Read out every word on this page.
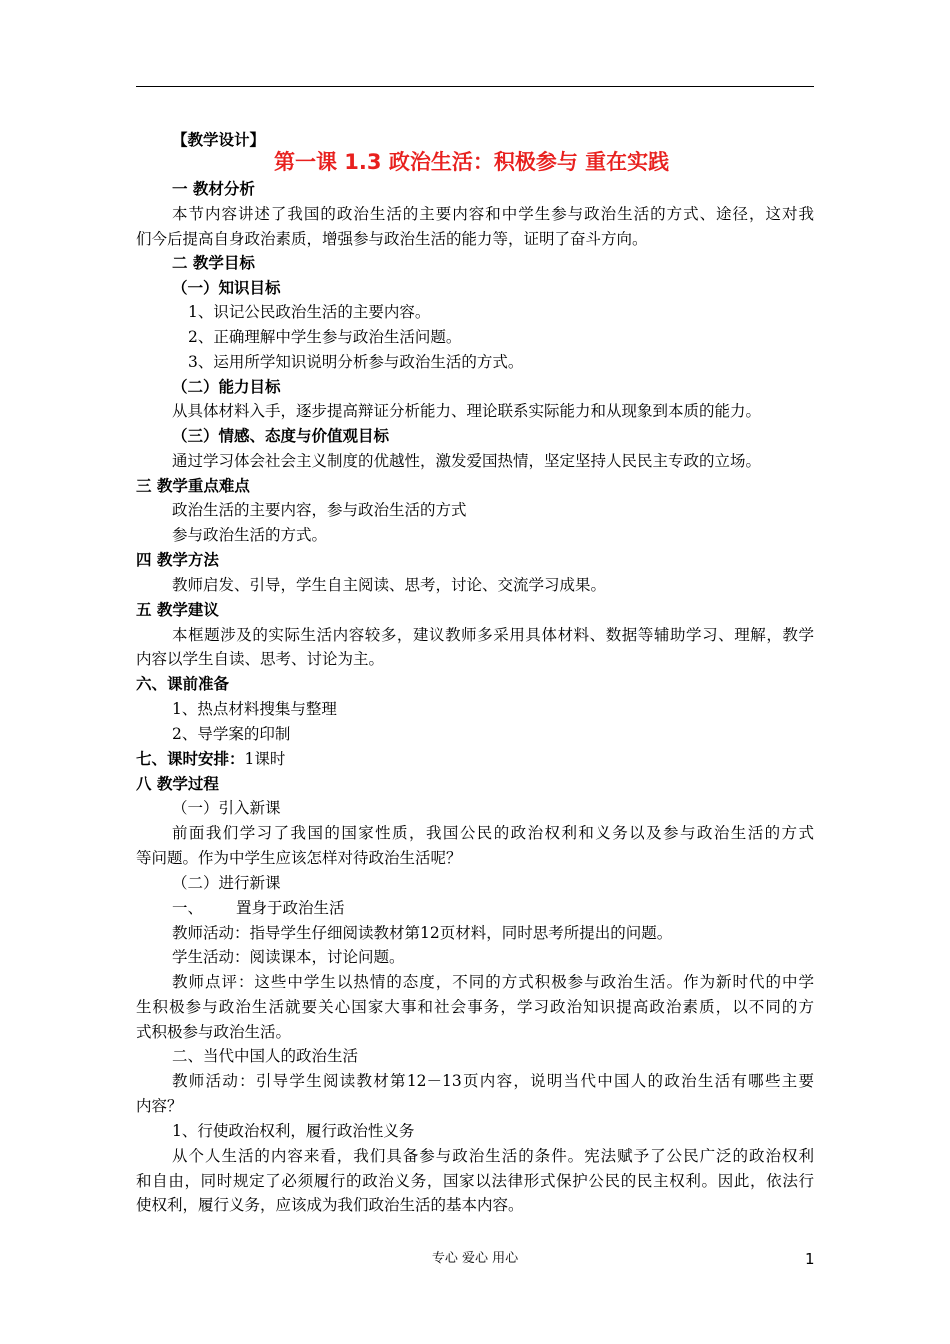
【教学设计】
第一课 1.3 政治生活：积极参与 重在实践
一 教材分析
本节内容讲述了我国的政治生活的主要内容和中学生参与政治生活的方式、途径，这对我
们今后提高自身政治素质，增强参与政治生活的能力等，证明了奋斗方向。
二 教学目标
（一）知识目标
1、识记公民政治生活的主要内容。
2、正确理解中学生参与政治生活问题。
3、运用所学知识说明分析参与政治生活的方式。
（二）能力目标
从具体材料入手，逐步提高辩证分析能力、理论联系实际能力和从现象到本质的能力。
（三）情感、态度与价值观目标
通过学习体会社会主义制度的优越性，激发爱国热情，坚定坚持人民民主专政的立场。
三 教学重点难点
政治生活的主要内容，参与政治生活的方式
参与政治生活的方式。
四 教学方法
教师启发、引导，学生自主阅读、思考，讨论、交流学习成果。
五 教学建议
本框题涉及的实际生活内容较多，建议教师多采用具体材料、数据等辅助学习、理解，教学
内容以学生自读、思考、讨论为主。
六、课前准备
1、热点材料搜集与整理
2、导学案的印制
七、课时安排：1课时
八 教学过程
（一）引入新课
前面我们学习了我国的国家性质，我国公民的政治权利和义务以及参与政治生活的方式
等问题。作为中学生应该怎样对待政治生活呢？
（二）进行新课
一、 置身于政治生活
教师活动：指导学生仔细阅读教材第12页材料，同时思考所提出的问题。
学生活动：阅读课本，讨论问题。
教师点评：这些中学生以热情的态度，不同的方式积极参与政治生活。作为新时代的中学
生积极参与政治生活就要关心国家大事和社会事务，学习政治知识提高政治素质，以不同的方
式积极参与政治生活。
二、当代中国人的政治生活
教师活动：引导学生阅读教材第12－13页内容，说明当代中国人的政治生活有哪些主要
内容？
1、行使政治权利，履行政治性义务
从个人生活的内容来看，我们具备参与政治生活的条件。宪法赋予了公民广泛的政治权利
和自由，同时规定了必须履行的政治义务，国家以法律形式保护公民的民主权利。因此，依法行
使权利，履行义务，应该成为我们政治生活的基本内容。
专心 爱心 用心	1
